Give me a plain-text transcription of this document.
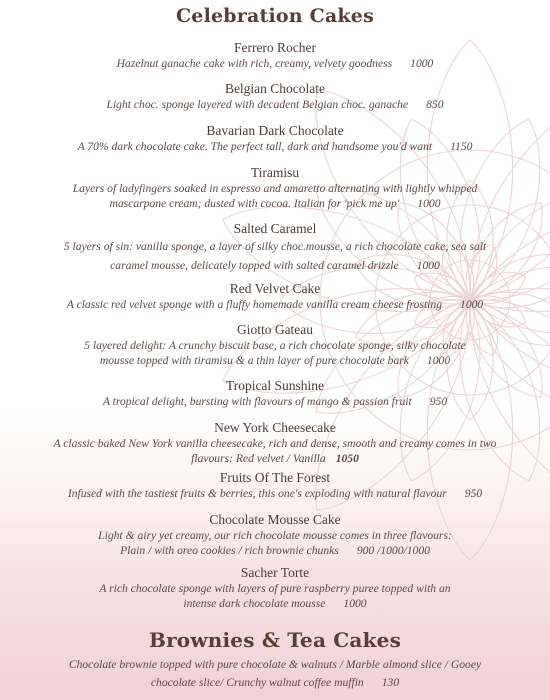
Celebration Cakes
Ferrero Rocher
Hazelnut ganache cake with rich, creamy, velvety goodness 1000
Belgian Chocolate
Light choc. sponge layered with decadent Belgian choc. ganache 850
Bavarian Dark Chocolate
A 70% dark chocolate cake. The perfect tall, dark and handsome you'd want 1150
Tiramisu
Layers of ladyfingers soaked in espresso and amaretto alternating with lightly whipped
mascarpone cream; dusted with cocoa. Italian for 'pick me up' 1000
Salted Caramel
5 layers of sin: vanilla sponge, a layer of silky choc.mousse, a rich chocolate cake, sea salt
caramel mousse, delicately topped with salted caramel drizzle 1000
Red Velvet Cake
A classic red velvet sponge with a fluffy homemade vanilla cream cheese frosting 1000
Giotto Gateau
5 layered delight: A crunchy biscuit base, a rich chocolate sponge, silky chocolate
mousse topped with tiramisu & a thin layer of pure chocolate bark 1000
Tropical Sunshine
A tropical delight, bursting with flavours of mango & passion fruit 950
New York Cheesecake
A classic baked New York vanilla cheesecake, rich and dense, smooth and creamy comes in two
flavours: Red velvet / Vanilla 1050
Fruits Of The Forest
Infused with the tastiest fruits & berries, this one's exploding with natural flavour 950
Chocolate Mousse Cake
Light & airy yet creamy, our rich chocolate mousse comes in three flavours:
Plain / with oreo cookies / rich brownie chunks 900 /1000/1000
Sacher Torte
A rich chocolate sponge with layers of pure raspberry puree topped with an
intense dark chocolate mousse 1000
Brownies & Tea Cakes
Chocolate brownie topped with pure chocolate & walnuts / Marble almond slice / Gooey
chocolate slice/ Crunchy walnut coffee muffin 130
